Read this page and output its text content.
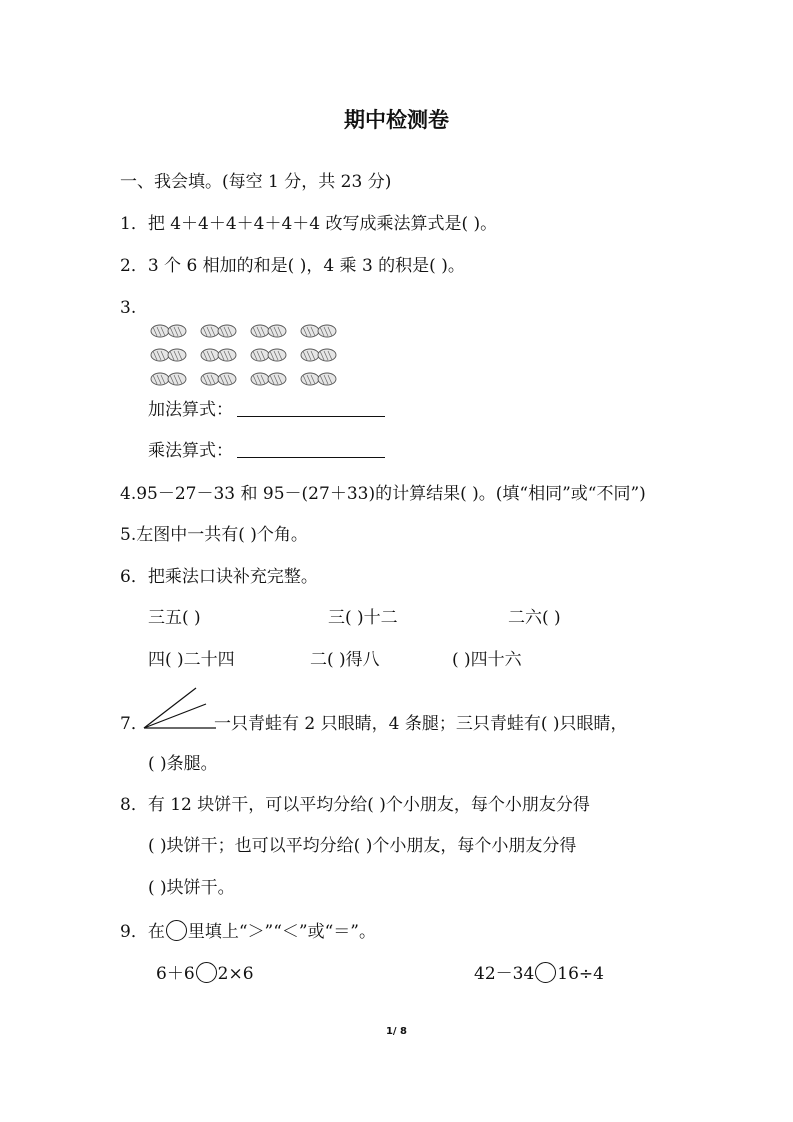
期中检测卷
一、我会填。(每空 1 分，共 23 分)
1．把 4＋4＋4＋4＋4＋4 改写成乘法算式是( )。
2．3 个 6 相加的和是( )，4 乘 3 的积是( )。
3.
加法算式：
乘法算式：
4.95－27－33 和 95－(27＋33)的计算结果( )。(填“相同”或“不同”)
5.左图中一共有( )个角。
6．把乘法口诀补充完整。
三五( )	三( )十二	二六( )
四( )二十四	二( )得八	( )四十六
7．	一只青蛙有 2 只眼睛，4 条腿；三只青蛙有( )只眼睛，
( )条腿。
8．有 12 块饼干，可以平均分给( )个小朋友，每个小朋友分得
( )块饼干；也可以平均分给( )个小朋友，每个小朋友分得
( )块饼干。
9．在 里填上“＞”“＜”或“＝”。
6＋6 2×6	42－34 16÷4
1/ 8
